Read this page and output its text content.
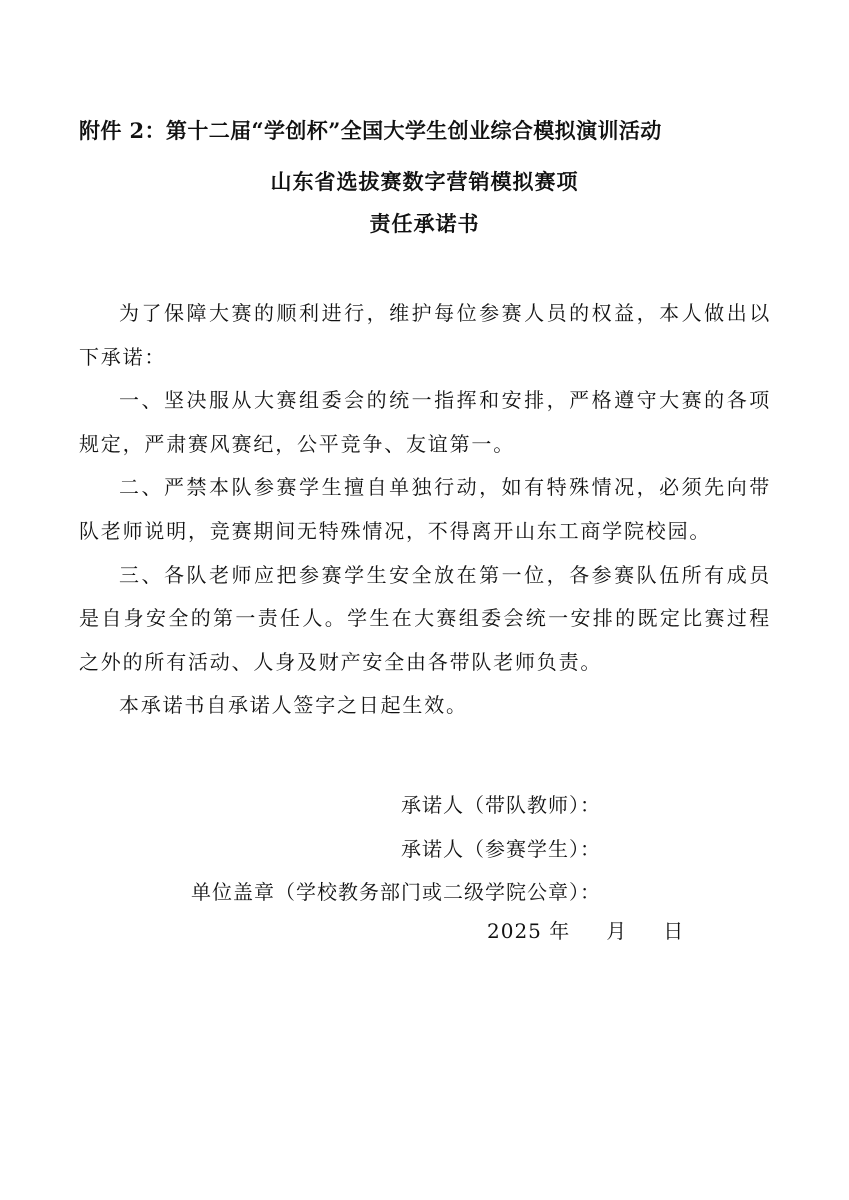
附件 2：第十二届“学创杯”全国大学生创业综合模拟演训活动
山东省选拔赛数字营销模拟赛项
责任承诺书

为了保障大赛的顺利进行，维护每位参赛人员的权益，本人做出以下承诺：

一、坚决服从大赛组委会的统一指挥和安排，严格遵守大赛的各项规定，严肃赛风赛纪，公平竞争、友谊第一。

二、严禁本队参赛学生擅自单独行动，如有特殊情况，必须先向带队老师说明，竞赛期间无特殊情况，不得离开山东工商学院校园。

三、各队老师应把参赛学生安全放在第一位，各参赛队伍所有成员是自身安全的第一责任人。学生在大赛组委会统一安排的既定比赛过程之外的所有活动、人身及财产安全由各带队老师负责。

本承诺书自承诺人签字之日起生效。

承诺人（带队教师）：
承诺人（参赛学生）：
单位盖章（学校教务部门或二级学院公章）：
2025 年 月 日
